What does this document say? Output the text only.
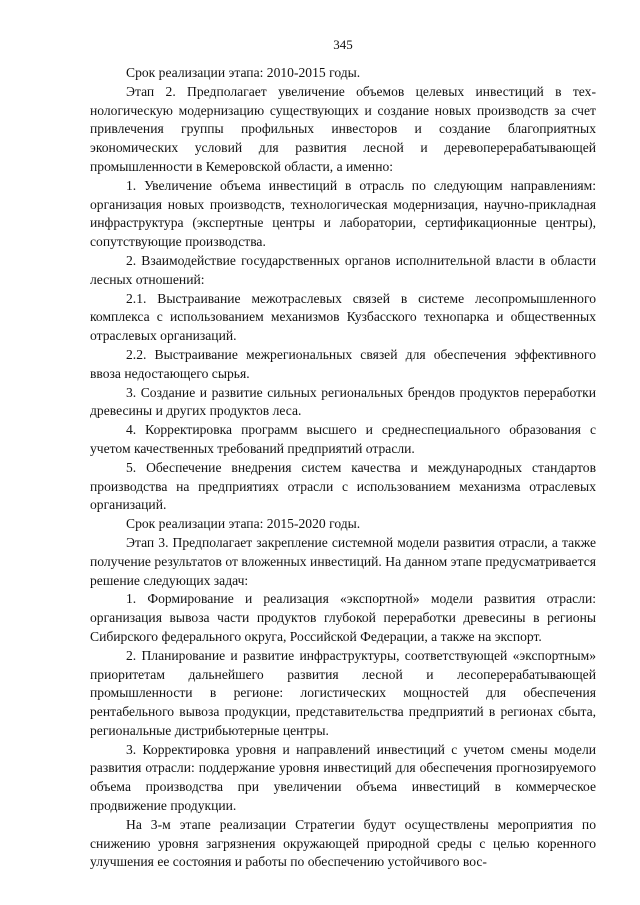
345

Срок реализации этапа: 2010-2015 годы.

Этап 2. Предполагает увеличение объемов целевых инвестиций в технологическую модернизацию существующих и создание новых производств за счет привлечения группы профильных инвесторов и создание благоприятных экономических условий для развития лесной и деревоперерабатывающей промышленности в Кемеровской области, а именно:

1. Увеличение объема инвестиций в отрасль по следующим направлениям: организация новых производств, технологическая модернизация, научно-прикладная инфраструктура (экспертные центры и лаборатории, сертификационные центры), сопутствующие производства.

2. Взаимодействие государственных органов исполнительной власти в области лесных отношений:

2.1. Выстраивание межотраслевых связей в системе лесопромышленного комплекса с использованием механизмов Кузбасского технопарка и общественных отраслевых организаций.

2.2. Выстраивание межрегиональных связей для обеспечения эффективного ввоза недостающего сырья.

3. Создание и развитие сильных региональных брендов продуктов переработки древесины и других продуктов леса.

4. Корректировка программ высшего и среднеспециального образования с учетом качественных требований предприятий отрасли.

5. Обеспечение внедрения систем качества и международных стандартов производства на предприятиях отрасли с использованием механизма отраслевых организаций.

Срок реализации этапа: 2015-2020 годы.

Этап 3. Предполагает закрепление системной модели развития отрасли, а также получение результатов от вложенных инвестиций. На данном этапе предусматривается решение следующих задач:

1. Формирование и реализация «экспортной» модели развития отрасли: организация вывоза части продуктов глубокой переработки древесины в регионы Сибирского федерального округа, Российской Федерации, а также на экспорт.

2. Планирование и развитие инфраструктуры, соответствующей «экспортным» приоритетам дальнейшего развития лесной и лесоперерабатывающей промышленности в регионе: логистических мощностей для обеспечения рентабельного вывоза продукции, представительства предприятий в регионах сбыта, региональные дистрибьютерные центры.

3. Корректировка уровня и направлений инвестиций с учетом смены модели развития отрасли: поддержание уровня инвестиций для обеспечения прогнозируемого объема производства при увеличении объема инвестиций в коммерческое продвижение продукции.

На 3-м этапе реализации Стратегии будут осуществлены мероприятия по снижению уровня загрязнения окружающей природной среды с целью коренного улучшения ее состояния и работы по обеспечению устойчивого вос-
